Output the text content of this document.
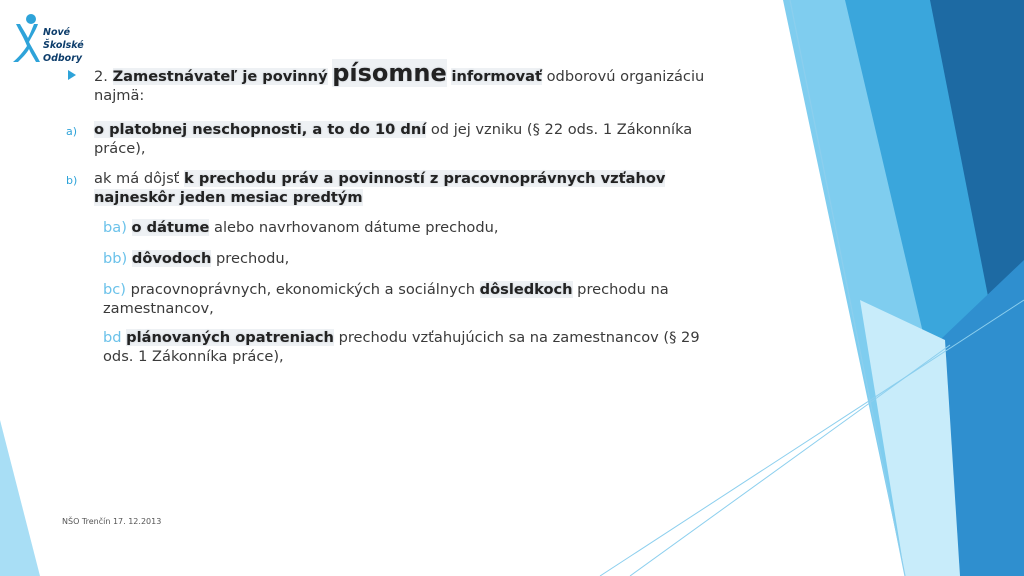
Nové
Školské
Odbory
2. Zamestnávateľ je povinný písomne informovať odborovú organizáciu
najmä:
a) o platobnej neschopnosti, a to do 10 dní od jej vzniku (§ 22 ods. 1 Zákonníka
práce),
b) ak má dôjsť k prechodu práv a povinností z pracovnoprávnych vzťahov
najneskôr jeden mesiac predtým
ba) o dátume alebo navrhovanom dátume prechodu,
bb) dôvodoch prechodu,
bc) pracovnoprávnych, ekonomických a sociálnych dôsledkoch prechodu na
zamestnancov,
bd plánovaných opatreniach prechodu vzťahujúcich sa na zamestnancov (§ 29
ods. 1 Zákonníka práce),
NŠO Trenčín 17. 12.2013
